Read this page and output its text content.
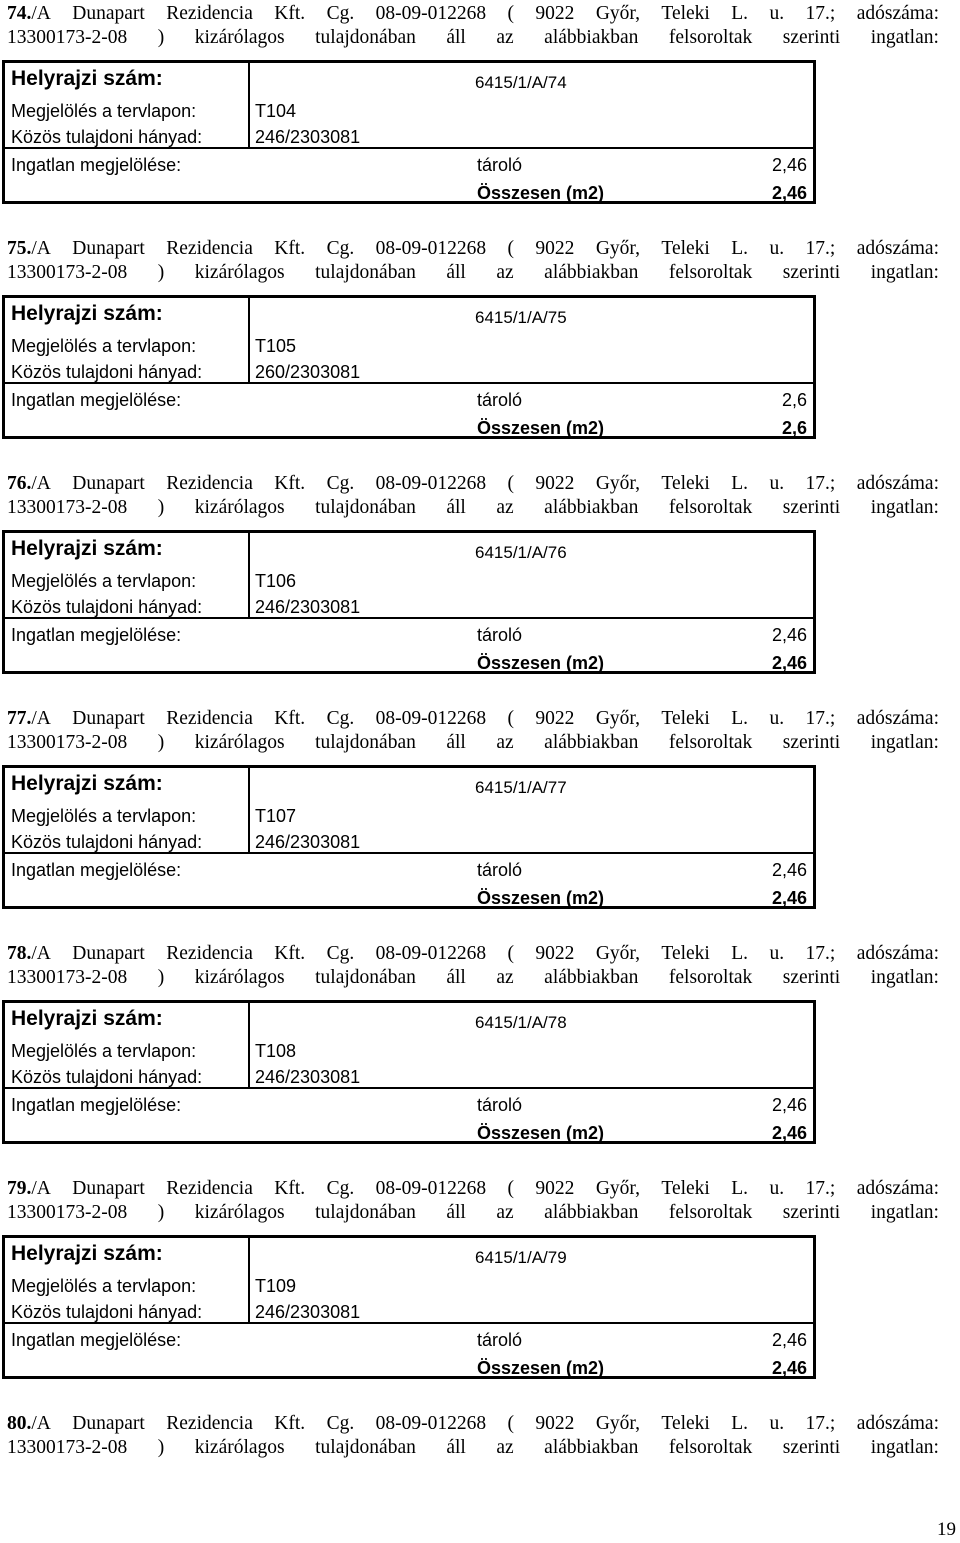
74./A Dunapart Rezidencia Kft. Cg. 08-09-012268 ( 9022 Győr, Teleki L. u. 17.; adószáma:
13300173-2-08 ) kizárólagos tulajdonában áll az alábbiakban felsoroltak szerinti ingatlan:
Helyrajzi szám:	6415/1/A/74
Megjelölés a tervlapon:	T104
Közös tulajdoni hányad:	246/2303081
Ingatlan megjelölése:	tároló	2,46
Összesen (m2)	2,46
75./A Dunapart Rezidencia Kft. Cg. 08-09-012268 ( 9022 Győr, Teleki L. u. 17.; adószáma:
13300173-2-08 ) kizárólagos tulajdonában áll az alábbiakban felsoroltak szerinti ingatlan:
Helyrajzi szám:	6415/1/A/75
Megjelölés a tervlapon:	T105
Közös tulajdoni hányad:	260/2303081
Ingatlan megjelölése:	tároló	2,6
Összesen (m2)	2,6
76./A Dunapart Rezidencia Kft. Cg. 08-09-012268 ( 9022 Győr, Teleki L. u. 17.; adószáma:
13300173-2-08 ) kizárólagos tulajdonában áll az alábbiakban felsoroltak szerinti ingatlan:
Helyrajzi szám:	6415/1/A/76
Megjelölés a tervlapon:	T106
Közös tulajdoni hányad:	246/2303081
Ingatlan megjelölése:	tároló	2,46
Összesen (m2)	2,46
77./A Dunapart Rezidencia Kft. Cg. 08-09-012268 ( 9022 Győr, Teleki L. u. 17.; adószáma:
13300173-2-08 ) kizárólagos tulajdonában áll az alábbiakban felsoroltak szerinti ingatlan:
Helyrajzi szám:	6415/1/A/77
Megjelölés a tervlapon:	T107
Közös tulajdoni hányad:	246/2303081
Ingatlan megjelölése:	tároló	2,46
Összesen (m2)	2,46
78./A Dunapart Rezidencia Kft. Cg. 08-09-012268 ( 9022 Győr, Teleki L. u. 17.; adószáma:
13300173-2-08 ) kizárólagos tulajdonában áll az alábbiakban felsoroltak szerinti ingatlan:
Helyrajzi szám:	6415/1/A/78
Megjelölés a tervlapon:	T108
Közös tulajdoni hányad:	246/2303081
Ingatlan megjelölése:	tároló	2,46
Összesen (m2)	2,46
79./A Dunapart Rezidencia Kft. Cg. 08-09-012268 ( 9022 Győr, Teleki L. u. 17.; adószáma:
13300173-2-08 ) kizárólagos tulajdonában áll az alábbiakban felsoroltak szerinti ingatlan:
Helyrajzi szám:	6415/1/A/79
Megjelölés a tervlapon:	T109
Közös tulajdoni hányad:	246/2303081
Ingatlan megjelölése:	tároló	2,46
Összesen (m2)	2,46
80./A Dunapart Rezidencia Kft. Cg. 08-09-012268 ( 9022 Győr, Teleki L. u. 17.; adószáma:
13300173-2-08 ) kizárólagos tulajdonában áll az alábbiakban felsoroltak szerinti ingatlan:
19
